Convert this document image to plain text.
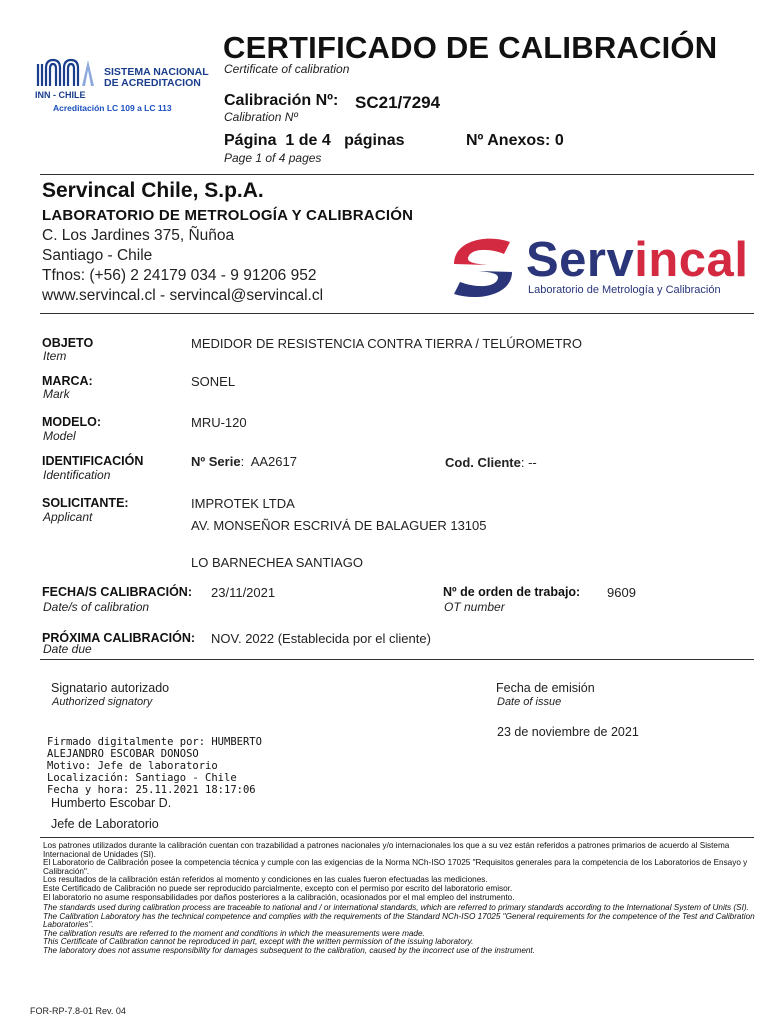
SISTEMA NACIONAL
DE ACREDITACION
INN - CHILE
Acreditación LC 109 a LC 113
CERTIFICADO DE CALIBRACIÓN
Certificate of calibration
Calibración Nº: SC21/7294
Calibration Nº
Página 1 de 4 páginas	Nº Anexos: 0
Page 1 of 4 pages
Servincal Chile, S.p.A.
LABORATORIO DE METROLOGÍA Y CALIBRACIÓN
C. Los Jardines 375, Ñuñoa
Santiago - Chile
Tfnos: (+56) 2 24179 034 - 9 91206 952
www.servincal.cl - servincal@servincal.cl
Servincal
Laboratorio de Metrología y Calibración
OBJETO
Item
MEDIDOR DE RESISTENCIA CONTRA TIERRA / TELÚROMETRO
MARCA:
Mark
SONEL
MODELO:
Model
MRU-120
IDENTIFICACIÓN
Identification
Nº Serie:  AA2617	Cod. Cliente: --
SOLICITANTE:
Applicant
IMPROTEK LTDA
AV. MONSEÑOR ESCRIVÁ DE BALAGUER 13105
LO BARNECHEA SANTIAGO
FECHA/S CALIBRACIÓN: 23/11/2021
Date/s of calibration
Nº de orden de trabajo: 9609
OT number
PRÓXIMA CALIBRACIÓN: NOV. 2022 (Establecida por el cliente)
Date due
Signatario autorizado
Authorized signatory
Firmado digitalmente por: HUMBERTO
ALEJANDRO ESCOBAR DONOSO
Motivo: Jefe de laboratorio
Localización: Santiago - Chile
Fecha y hora: 25.11.2021 18:17:06
Humberto Escobar D.
Jefe de Laboratorio
Fecha de emisión
Date of issue
23 de noviembre de 2021

Los patrones utilizados durante la calibración cuentan con trazabilidad a patrones nacionales y/o internacionales los que a su vez están referidos a patrones primarios de acuerdo al Sistema Internacional de Unidades (SI).

El Laboratorio de Calibración posee la competencia técnica y cumple con las exigencias de la Norma NCh-ISO 17025 "Requisitos generales para la competencia de los Laboratorios de Ensayo y Calibración".

Los resultados de la calibración están referidos al momento y condiciones en las cuales fueron efectuadas las mediciones.

Este Certificado de Calibración no puede ser reproducido parcialmente, excepto con el permiso por escrito del laboratorio emisor.

El laboratorio no asume responsabilidades por daños posteriores a la calibración, ocasionados por el mal empleo del instrumento.

The standards used during calibration process are traceable to national and / or international standards, which are referred to primary standards according to the International System of Units (SI).

The Calibration Laboratory has the technical competence and complies with the requirements of the Standard NCh-ISO 17025 "General requirements for the competence of the Test and Calibration Laboratories".

The calibration results are referred to the moment and conditions in which the measurements were made.

This Certificate of Calibration cannot be reproduced in part, except with the written permission of the issuing laboratory.

The laboratory does not assume responsibility for damages subsequent to the calibration, caused by the incorrect use of the instrument.

FOR-RP-7.8-01 Rev. 04
